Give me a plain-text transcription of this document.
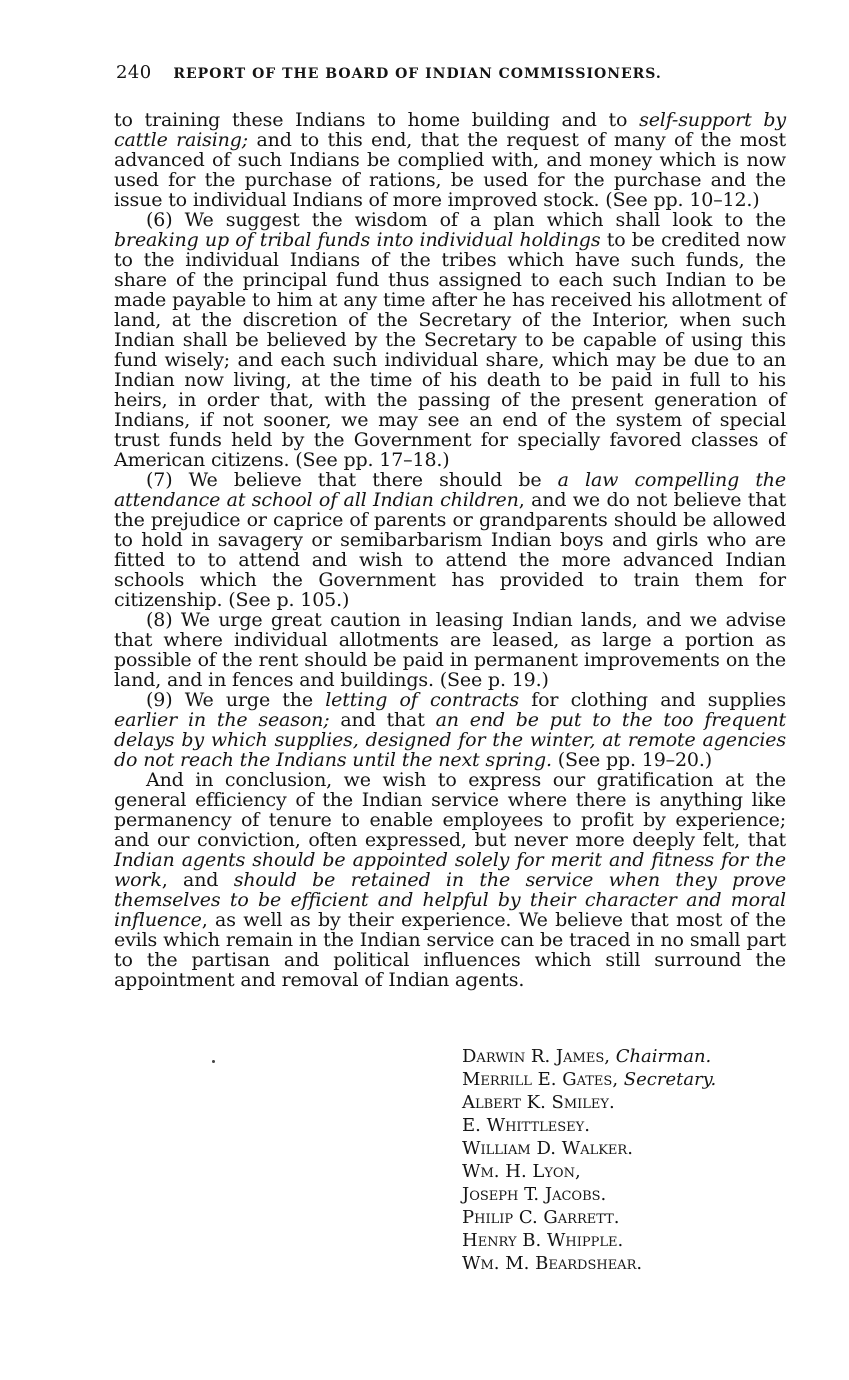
240 REPORT OF THE BOARD OF INDIAN COMMISSIONERS.

to training these Indians to home building and to self-support by cattle raising; and to this end, that the request of many of the most advanced of such Indians be complied with, and money which is now used for the purchase of rations, be used for the purchase and the issue to individual Indians of more improved stock. (See pp. 10–12.)

(6) We suggest the wisdom of a plan which shall look to the breaking up of tribal funds into individual holdings to be credited now to the individual Indians of the tribes which have such funds, the share of the principal fund thus assigned to each such Indian to be made payable to him at any time after he has received his allotment of land, at the discretion of the Secretary of the Interior, when such Indian shall be believed by the Secretary to be capable of using this fund wisely; and each such individual share, which may be due to an Indian now living, at the time of his death to be paid in full to his heirs, in order that, with the passing of the present generation of Indians, if not sooner, we may see an end of the system of special trust funds held by the Government for specially favored classes of American citizens. (See pp. 17–18.)

(7) We believe that there should be a law compelling the attendance at school of all Indian children, and we do not believe that the prejudice or caprice of parents or grandparents should be allowed to hold in savagery or semibarbarism Indian boys and girls who are fitted to to attend and wish to attend the more advanced Indian schools which the Government has provided to train them for citizenship. (See p. 105.)

(8) We urge great caution in leasing Indian lands, and we advise that where individual allotments are leased, as large a portion as possible of the rent should be paid in permanent improvements on the land, and in fences and buildings. (See p. 19.)

(9) We urge the letting of contracts for clothing and supplies earlier in the season; and that an end be put to the too frequent delays by which supplies, designed for the winter, at remote agencies do not reach the Indians until the next spring. (See pp. 19–20.)

And in conclusion, we wish to express our gratification at the general efficiency of the Indian service where there is anything like permanency of tenure to enable employees to profit by experience; and our conviction, often expressed, but never more deeply felt, that Indian agents should be appointed solely for merit and fitness for the work, and should be retained in the service when they prove themselves to be efficient and helpful by their character and moral influence, as well as by their experience. We believe that most of the evils which remain in the Indian service can be traced in no small part to the partisan and political influences which still surround the appointment and removal of Indian agents.

Darwin R. James, Chairman.
Merrill E. Gates, Secretary.
Albert K. Smiley.
E. Whittlesey.
William D. Walker.
Wm. H. Lyon,
Joseph T. Jacobs.
Philip C. Garrett.
Henry B. Whipple.
Wm. M. Beardshear.
